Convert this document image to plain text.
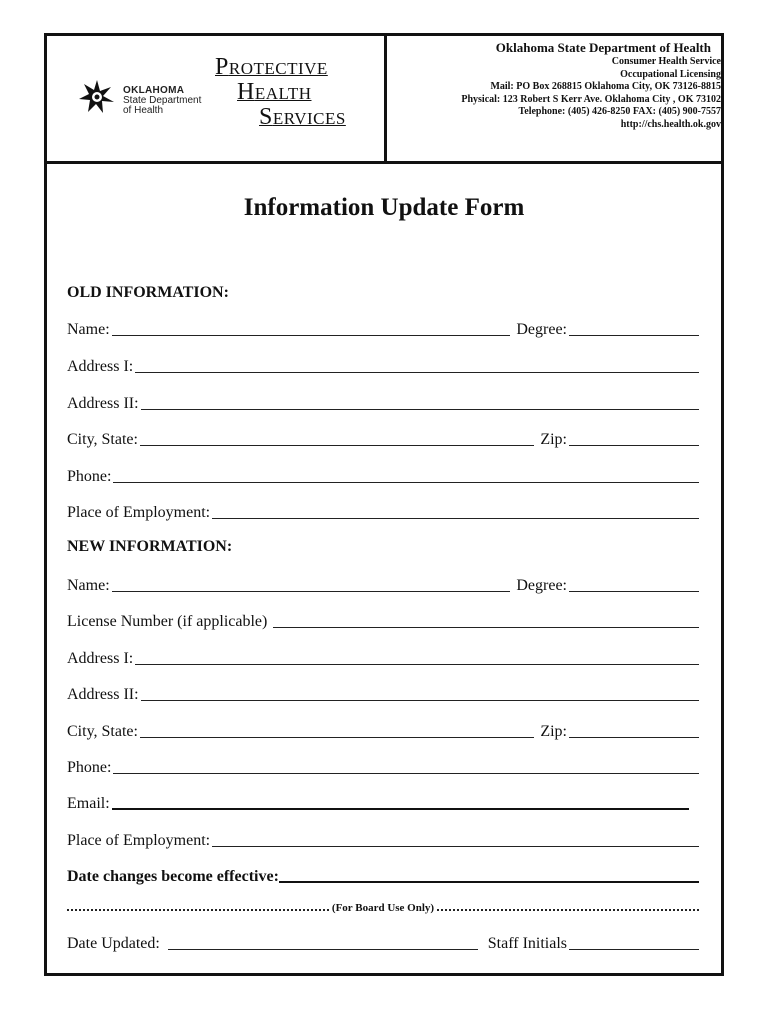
OKLAHOMA
State Department
of Health
PROTECTIVE
HEALTH
SERVICES
Oklahoma State Department of Health
Consumer Health Service
Occupational Licensing
Mail: PO Box 268815 Oklahoma City, OK 73126-8815
Physical: 123 Robert S Kerr Ave. Oklahoma City , OK 73102
Telephone: (405) 426-8250 FAX: (405) 900-7557
http://chs.health.ok.gov
Information Update Form
OLD INFORMATION:
Name:	Degree:
Address I:
Address II:
City, State:	Zip:
Phone:
Place of Employment:
NEW INFORMATION:
Name:	Degree:
License Number (if applicable)
Address I:
Address II:
City, State:	Zip:
Phone:
Email:
Place of Employment:
Date changes become effective:
(For Board Use Only)
Date Updated:	Staff Initials
